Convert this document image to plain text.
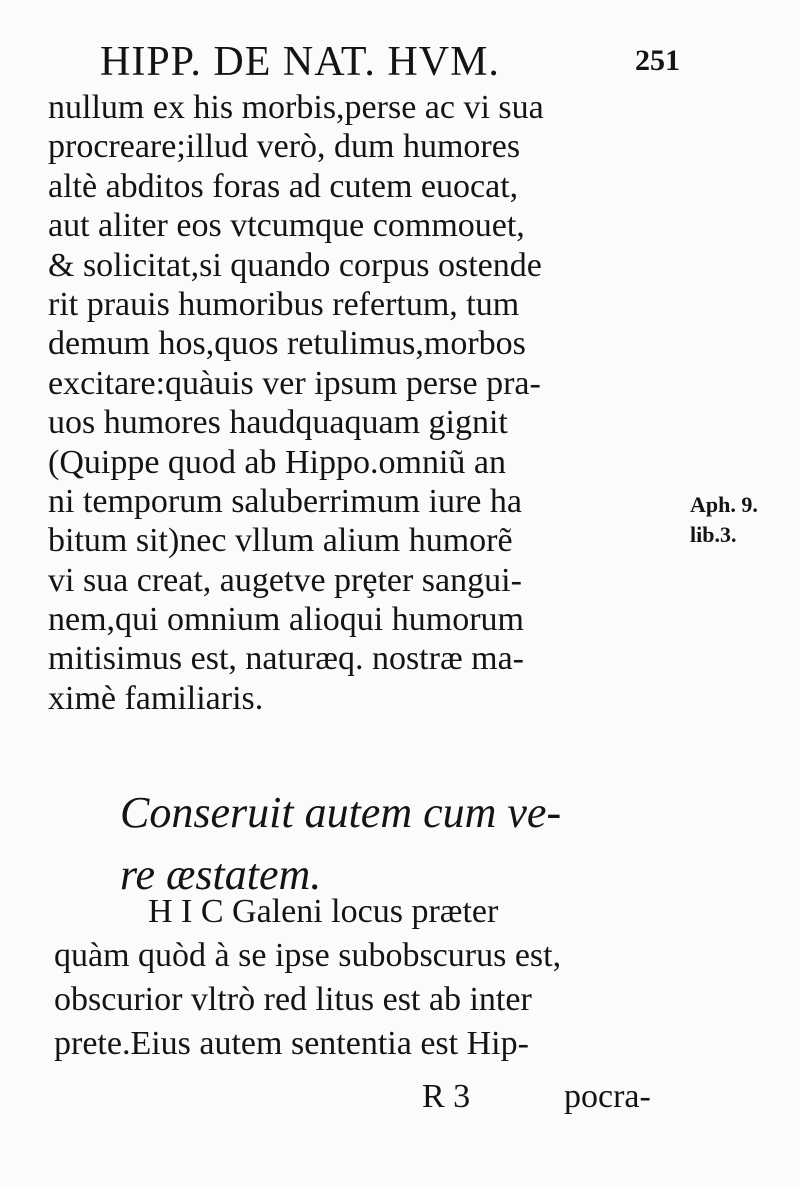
HIPP. DE NAT. HVM.	251
nullum ex his morbis,perse ac vi sua
procreare;illud verò, dum humores
altè abditos foras ad cutem euocat,
aut aliter eos vtcumque commouet,
& solicitat,si quando corpus ostende
rit prauis humoribus refertum, tum
demum hos,quos retulimus,morbos
excitare:quàuis ver ipsum perse pra-
uos humores haudquaquam gignit
(Quippe quod ab Hippo.omniũ an
ni temporum saluberrimum iure ha
bitum sit)nec vllum alium humorẽ
vi sua creat, augetve prȩter sangui-
nem,qui omnium alioqui humorum
mitisimus est, naturæq. nostræ ma-
ximè familiaris.
Aph. 9.
lib.3.
Conseruit autem cum ve-
re æstatem.
H I C Galeni locus præter
quàm quòd à se ipse subobscurus est,
obscurior vltrò red litus est ab inter
prete.Eius autem sententia est Hip-
R 3	pocra-
